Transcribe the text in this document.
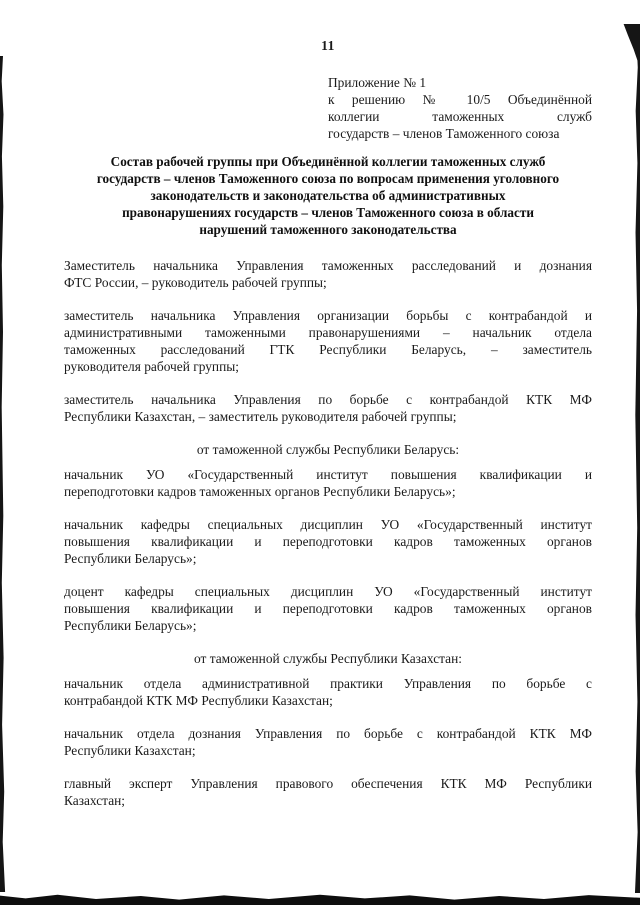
11
Приложение № 1
к решению № 10/5 Объединённой
коллегии таможенных служб
государств – членов Таможенного союза
Состав рабочей группы при Объединённой коллегии таможенных служб
государств – членов Таможенного союза по вопросам применения уголовного
законодательств и законодательства об административных
правонарушениях государств – членов Таможенного союза в области
нарушений таможенного законодательства
Заместитель начальника Управления таможенных расследований и дознания
ФТС России, – руководитель рабочей группы;
заместитель начальника Управления организации борьбы с контрабандой и
административными таможенными правонарушениями – начальник отдела
таможенных расследований ГТК Республики Беларусь, – заместитель
руководителя рабочей группы;
заместитель начальника Управления по борьбе с контрабандой КТК МФ
Республики Казахстан, – заместитель руководителя рабочей группы;
от таможенной службы Республики Беларусь:
начальник УО «Государственный институт повышения квалификации и
переподготовки кадров таможенных органов Республики Беларусь»;
начальник кафедры специальных дисциплин УО «Государственный институт
повышения квалификации и переподготовки кадров таможенных органов
Республики Беларусь»;
доцент кафедры специальных дисциплин УО «Государственный институт
повышения квалификации и переподготовки кадров таможенных органов
Республики Беларусь»;
от таможенной службы Республики Казахстан:
начальник отдела административной практики Управления по борьбе с
контрабандой КТК МФ Республики Казахстан;
начальник отдела дознания Управления по борьбе с контрабандой КТК МФ
Республики Казахстан;
главный эксперт Управления правового обеспечения КТК МФ Республики
Казахстан;
